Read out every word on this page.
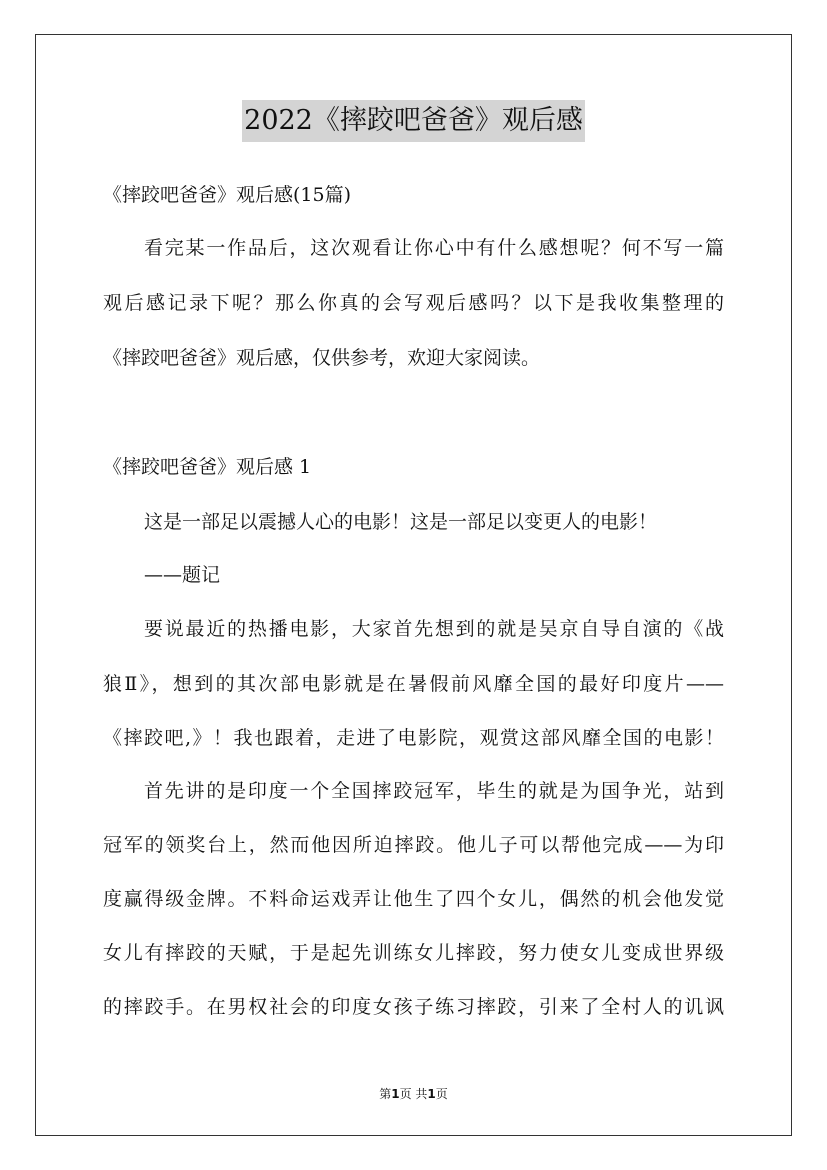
2022《摔跤吧爸爸》观后感

《摔跤吧爸爸》观后感(15篇)

看完某一作品后，这次观看让你心中有什么感想呢？何不写一篇
观后感记录下呢？那么你真的会写观后感吗？以下是我收集整理的

《摔跤吧爸爸》观后感，仅供参考，欢迎大家阅读。

《摔跤吧爸爸》观后感 1

这是一部足以震撼人心的电影！这是一部足以变更人的电影！

——题记

要说最近的热播电影，大家首先想到的就是吴京自导自演的《战
狼Ⅱ》，想到的其次部电影就是在暑假前风靡全国的最好印度片——
《摔跤吧,》！我也跟着，走进了电影院，观赏这部风靡全国的电影！
首先讲的是印度一个全国摔跤冠军，毕生的就是为国争光，站到
冠军的领奖台上，然而他因所迫摔跤。他儿子可以帮他完成——为印
度赢得级金牌。不料命运戏弄让他生了四个女儿，偶然的机会他发觉
女儿有摔跤的天赋，于是起先训练女儿摔跤，努力使女儿变成世界级
的摔跤手。在男权社会的印度女孩子练习摔跤，引来了全村人的讥讽
第1页 共1页
